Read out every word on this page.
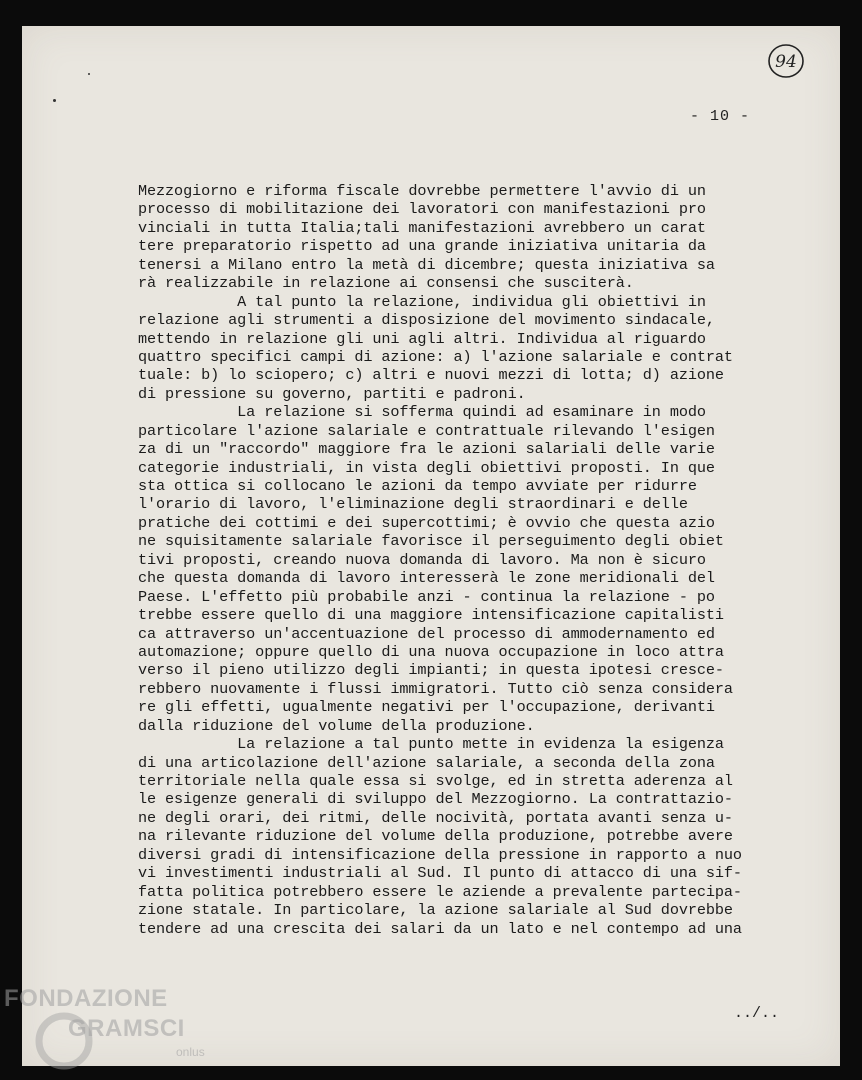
94
- 10 -
Mezzogiorno e riforma fiscale dovrebbe permettere l'avvio di un
processo di mobilitazione dei lavoratori con manifestazioni pro
vinciali in tutta Italia;tali manifestazioni avrebbero un carat
tere preparatorio rispetto ad una grande iniziativa unitaria da
tenersi a Milano entro la metà di dicembre; questa iniziativa sa
rà realizzabile in relazione ai consensi che susciterà.
A tal punto la relazione, individua gli obiettivi in
relazione agli strumenti a disposizione del movimento sindacale,
mettendo in relazione gli uni agli altri. Individua al riguardo
quattro specifici campi di azione: a) l'azione salariale e contrat
tuale: b) lo sciopero; c) altri e nuovi mezzi di lotta; d) azione
di pressione su governo, partiti e padroni.
La relazione si sofferma quindi ad esaminare in modo
particolare l'azione salariale e contrattuale rilevando l'esigen
za di un "raccordo" maggiore fra le azioni salariali delle varie
categorie industriali, in vista degli obiettivi proposti. In que
sta ottica si collocano le azioni da tempo avviate per ridurre
l'orario di lavoro, l'eliminazione degli straordinari e delle
pratiche dei cottimi e dei supercottimi; è ovvio che questa azio
ne squisitamente salariale favorisce il perseguimento degli obiet
tivi proposti, creando nuova domanda di lavoro. Ma non è sicuro
che questa domanda di lavoro interesserà le zone meridionali del
Paese. L'effetto più probabile anzi - continua la relazione - po
trebbe essere quello di una maggiore intensificazione capitalisti
ca attraverso un'accentuazione del processo di ammodernamento ed
automazione; oppure quello di una nuova occupazione in loco attra
verso il pieno utilizzo degli impianti; in questa ipotesi cresce-
rebbero nuovamente i flussi immigratori. Tutto ciò senza considera
re gli effetti, ugualmente negativi per l'occupazione, derivanti
dalla riduzione del volume della produzione.
La relazione a tal punto mette in evidenza la esigenza
di una articolazione dell'azione salariale, a seconda della zona
territoriale nella quale essa si svolge, ed in stretta aderenza al
le esigenze generali di sviluppo del Mezzogiorno. La contrattazio-
ne degli orari, dei ritmi, delle nocività, portata avanti senza u-
na rilevante riduzione del volume della produzione, potrebbe avere
diversi gradi di intensificazione della pressione in rapporto a nuo
vi investimenti industriali al Sud. Il punto di attacco di una sif-
fatta politica potrebbero essere le aziende a prevalente partecipa-
zione statale. In particolare, la azione salariale al Sud dovrebbe
tendere ad una crescita dei salari da un lato e nel contempo ad una
../..
FONDAZIONE
GRAMSCI
onlus
